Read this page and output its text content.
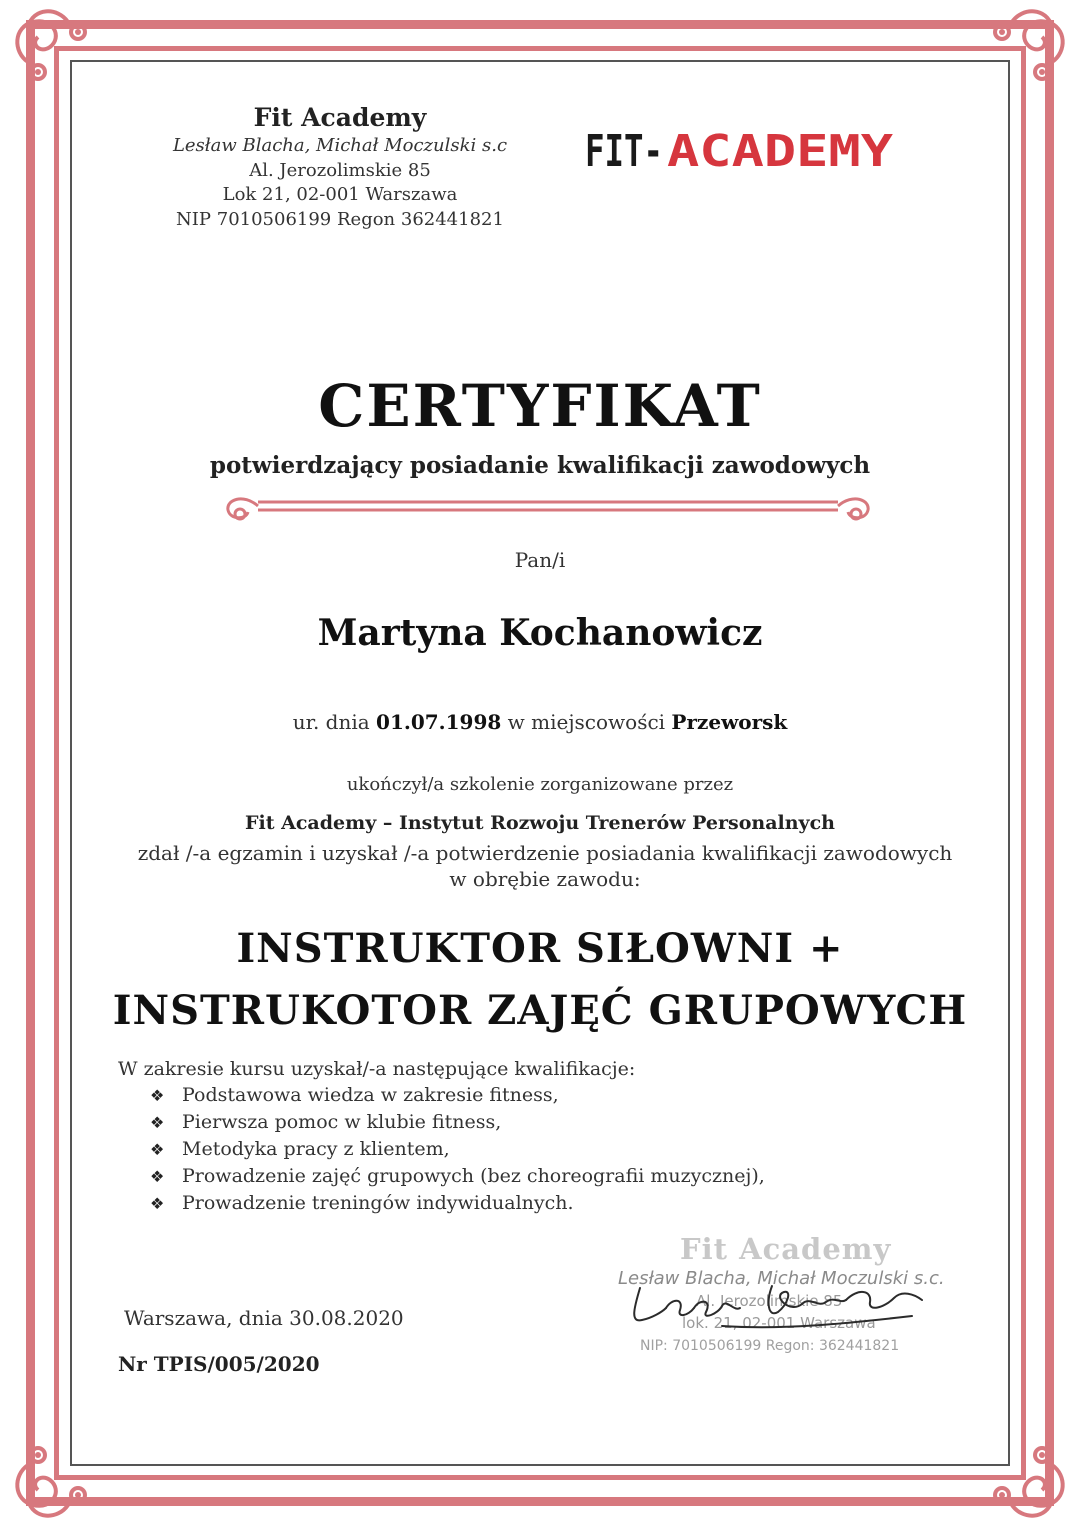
Fit Academy
Lesław Blacha, Michał Moczulski s.c
Al. Jerozolimskie 85
Lok 21, 02-001 Warszawa
NIP 7010506199 Regon 362441821
FIT- ACADEMY
CERTYFIKAT
potwierdzający posiadanie kwalifikacji zawodowych
Pan/i
Martyna Kochanowicz
ur. dnia 01.07.1998 w miejscowości Przeworsk
ukończył/a szkolenie zorganizowane przez
Fit Academy – Instytut Rozwoju Trenerów Personalnych
zdał /-a egzamin i uzyskał /-a potwierdzenie posiadania kwalifikacji zawodowych
w obrębie zawodu:
INSTRUKTOR SIŁOWNI +
INSTRUKOTOR ZAJĘĆ GRUPOWYCH
W zakresie kursu uzyskał/-a następujące kwalifikacje:
❖ Podstawowa wiedza w zakresie fitness,
❖ Pierwsza pomoc w klubie fitness,
❖ Metodyka pracy z klientem,
❖ Prowadzenie zajęć grupowych (bez choreografii muzycznej),
❖ Prowadzenie treningów indywidualnych.
Warszawa, dnia 30.08.2020
Nr TPIS/005/2020
Fit Academy
Lesław Blacha, Michał Moczulski s.c.
Al. Jerozolimskie 85
lok. 21, 02-001 Warszawa
NIP: 7010506199 Regon: 362441821
